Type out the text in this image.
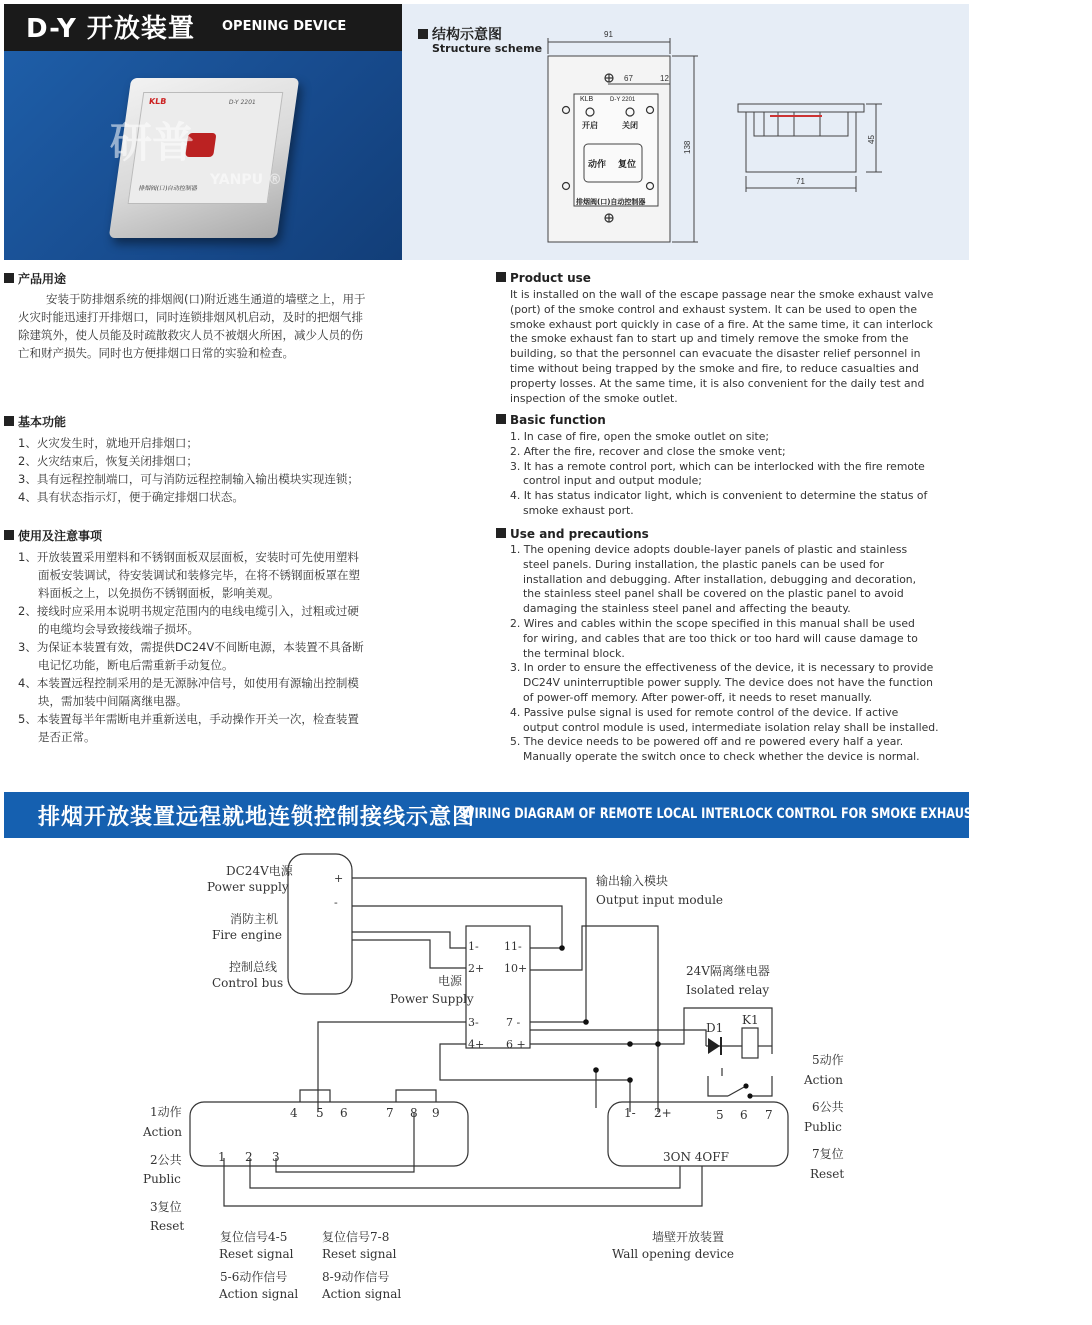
D-Y 开放装置 OPENING DEVICE
KLB	D-Y 2201
排烟阀(口)自动控制器
研普
YANPU ®
结构示意图
Structure scheme
91
67	12
138
71
45
KLB	D-Y 2201
开启	关闭
动作 复位
排烟阀(口)自动控制器
产品用途
安装于防排烟系统的排烟阀(口)附近逃生通道的墙壁之上，用于
火灾时能迅速打开排烟口，同时连锁排烟风机启动，及时的把烟气排
除建筑外，使人员能及时疏散救灾人员不被烟火所困，减少人员的伤
亡和财产损失。同时也方便排烟口日常的实验和检查。
基本功能
1、火灾发生时，就地开启排烟口；
2、火灾结束后，恢复关闭排烟口；
3、具有远程控制端口，可与消防远程控制输入输出模块实现连锁；
4、具有状态指示灯，便于确定排烟口状态。
使用及注意事项
1、开放装置采用塑料和不锈钢面板双层面板，安装时可先使用塑料
面板安装调试，待安装调试和装修完毕，在将不锈钢面板罩在塑
料面板之上，以免损伤不锈钢面板，影响美观。
2、接线时应采用本说明书规定范围内的电线电缆引入，过粗或过硬
的电缆均会导致接线端子损坏。
3、为保证本装置有效，需提供DC24V不间断电源，本装置不具备断
电记忆功能，断电后需重新手动复位。
4、本装置远程控制采用的是无源脉冲信号，如使用有源输出控制模
块，需加装中间隔离继电器。
5、本装置每半年需断电并重新送电，手动操作开关一次，检查装置
是否正常。
Product use
It is installed on the wall of the escape passage near the smoke exhaust valve
(port) of the smoke control and exhaust system. It can be used to open the
smoke exhaust port quickly in case of a fire. At the same time, it can interlock
the smoke exhaust fan to start up and timely remove the smoke from the
building, so that the personnel can evacuate the disaster relief personnel in
time without being trapped by the smoke and fire, to reduce casualties and
property losses. At the same time, it is also convenient for the daily test and
inspection of the smoke outlet.
Basic function
1. In case of fire, open the smoke outlet on site;
2. After the fire, recover and close the smoke vent;
3. It has a remote control port, which can be interlocked with the fire remote
control input and output module;
4. It has status indicator light, which is convenient to determine the status of
smoke exhaust port.
Use and precautions
1. The opening device adopts double-layer panels of plastic and stainless
steel panels. During installation, the plastic panels can be used for
installation and debugging. After installation, debugging and decoration,
the stainless steel panel shall be covered on the plastic panel to avoid
damaging the stainless steel panel and affecting the beauty.
2. Wires and cables within the scope specified in this manual shall be used
for wiring, and cables that are too thick or too hard will cause damage to
the terminal block.
3. In order to ensure the effectiveness of the device, it is necessary to provide
DC24V uninterruptible power supply. The device does not have the function
of power-off memory. After power-off, it needs to reset manually.
4. Passive pulse signal is used for remote control of the device. If active
output control module is used, intermediate isolation relay shall be installed.
5. The device needs to be powered off and re powered every half a year.
Manually operate the switch once to check whether the device is normal.
排烟开放装置远程就地连锁控制接线示意图
WIRING DIAGRAM OF REMOTE LOCAL INTERLOCK CONTROL FOR SMOKE EXHAUST OPENING DEVICE
DC24V电源
Power supply
消防主机
Fire engine
控制总线
Control bus
+
-
电源
Power Supply
1-
2+
3-
4+
11-
10+
7 -
6 +
输出输入模块
Output input module
24V隔离继电器
Isolated relay
D1
K1
4 5 6	7 8 9
1 2 3
1- 2+	5 6 7
3ON 4OFF
1动作
Action
2公共
Public
3复位
Reset
5动作
Action
6公共
Public
7复位
Reset
复位信号4-5
Reset signal
复位信号7-8
Reset signal
5-6动作信号
Action signal
8-9动作信号
Action signal
墙壁开放装置
Wall opening device
